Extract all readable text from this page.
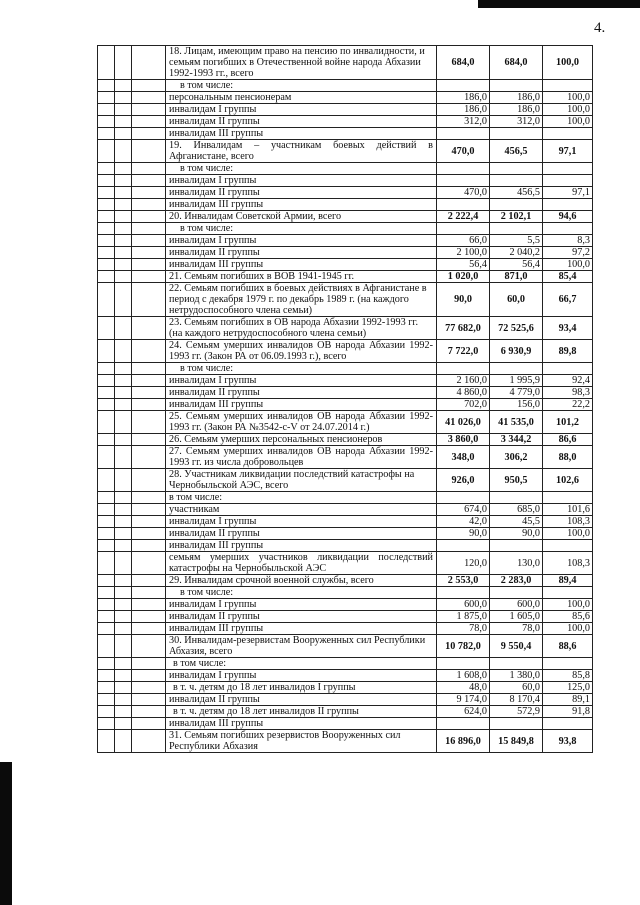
4.
			18. Лицам, имеющим право на пенсию по инвалидности, и семьям погибших в Отечественной войне народа Абхазии 1992-1993 гг., всего	684,0	684,0	100,0
			в том числе:			
			персональным пенсионерам	186,0	186,0	100,0
			инвалидам I группы	186,0	186,0	100,0
			инвалидам II группы	312,0	312,0	100,0
			инвалидам III группы			
			19. Инвалидам – участникам боевых действий в Афганистане, всего	470,0	456,5	97,1
			в том числе:			
			инвалидам I группы			
			инвалидам II группы	470,0	456,5	97,1
			инвалидам III группы			
			20. Инвалидам Советской Армии, всего	2 222,4	2 102,1	94,6
			в том числе:			
			инвалидам I группы	66,0	5,5	8,3
			инвалидам II группы	2 100,0	2 040,2	97,2
			инвалидам III группы	56,4	56,4	100,0
			21. Семьям погибших в ВОВ 1941-1945 гг.	1 020,0	871,0	85,4
			22. Семьям погибших в боевых действиях в Афганистане в период с декабря 1979 г. по декабрь 1989 г. (на каждого нетрудоспособного члена семьи)	90,0	60,0	66,7
			23. Семьям погибших в ОВ народа Абхазии 1992-1993 гг. (на каждого нетрудоспособного члена семьи)	77 682,0	72 525,6	93,4
			24. Семьям умерших инвалидов ОВ народа Абхазии 1992-1993 гг. (Закон РА от 06.09.1993 г.), всего	7 722,0	6 930,9	89,8
			в том числе:			
			инвалидам I группы	2 160,0	1 995,9	92,4
			инвалидам II группы	4 860,0	4 779,0	98,3
			инвалидам III группы	702,0	156,0	22,2
			25. Семьям умерших инвалидов ОВ народа Абхазии 1992-1993 гг. (Закон РА №3542-с-V от 24.07.2014 г.)	41 026,0	41 535,0	101,2
			26. Семьям умерших персональных пенсионеров	3 860,0	3 344,2	86,6
			27. Семьям умерших инвалидов ОВ народа Абхазии 1992-1993 гг. из числа добровольцев	348,0	306,2	88,0
			28. Участникам ликвидации последствий катастрофы на Чернобыльской АЭС, всего	926,0	950,5	102,6
			в том числе:			
			участникам	674,0	685,0	101,6
			инвалидам I группы	42,0	45,5	108,3
			инвалидам II группы	90,0	90,0	100,0
			инвалидам III группы			
			семьям умерших участников ликвидации последствий катастрофы на Чернобыльской АЭС	120,0	130,0	108,3
			29. Инвалидам срочной военной службы, всего	2 553,0	2 283,0	89,4
			в том числе:			
			инвалидам I группы	600,0	600,0	100,0
			инвалидам II группы	1 875,0	1 605,0	85,6
			инвалидам III группы	78,0	78,0	100,0
			30. Инвалидам-резервистам Вооруженных сил Республики Абхазия, всего	10 782,0	9 550,4	88,6
			в том числе:			
			инвалидам I группы	1 608,0	1 380,0	85,8
			в т. ч. детям до 18 лет инвалидов I группы	48,0	60,0	125,0
			инвалидам II группы	9 174,0	8 170,4	89,1
			в т. ч. детям до 18 лет инвалидов II группы	624,0	572,9	91,8
			инвалидам III группы			
			31. Семьям погибших резервистов Вооруженных сил Республики Абхазия	16 896,0	15 849,8	93,8
